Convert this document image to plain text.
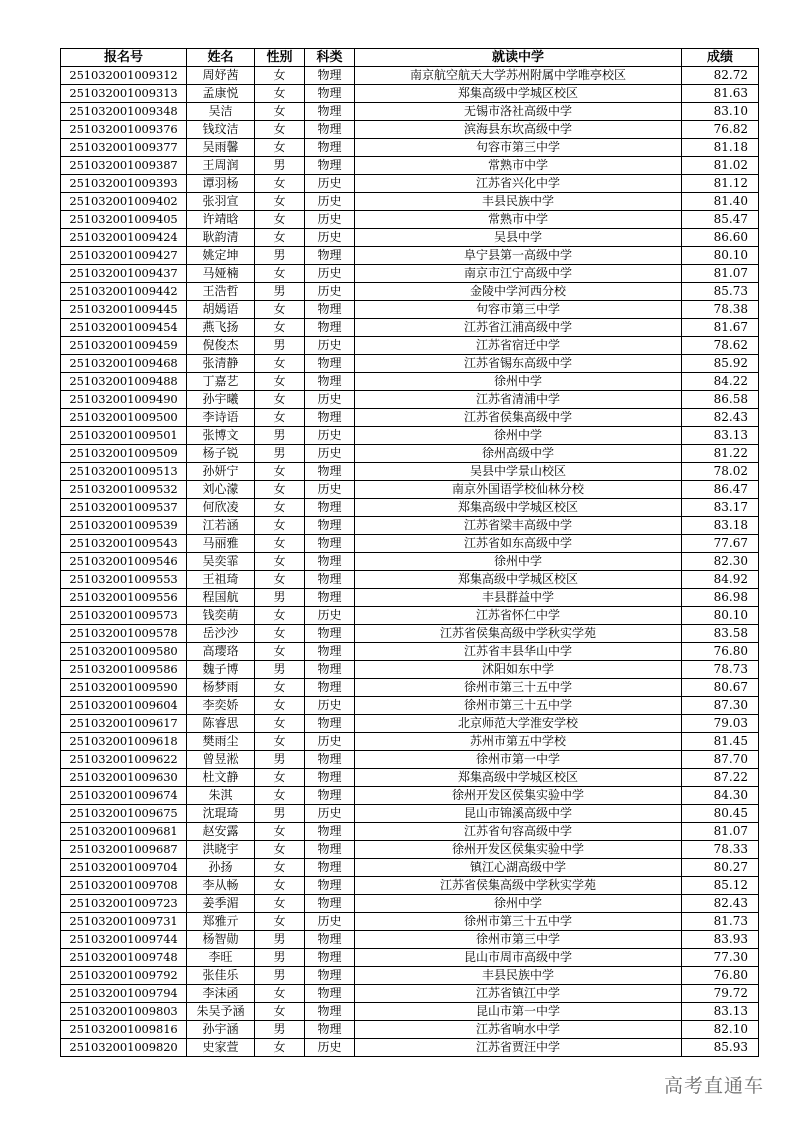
报名号	姓名	性别	科类	就读中学	成绩
251032001009312	周妤茜	女	物理	南京航空航天大学苏州附属中学唯亭校区	82.72
251032001009313	孟康悦	女	物理	郑集高级中学城区校区	81.63
251032001009348	吴洁	女	物理	无锡市洛社高级中学	83.10
251032001009376	钱玟洁	女	物理	滨海县东坎高级中学	76.82
251032001009377	吴雨馨	女	物理	句容市第三中学	81.18
251032001009387	王周润	男	物理	常熟市中学	81.02
251032001009393	谭羽杨	女	历史	江苏省兴化中学	81.12
251032001009402	张羽宣	女	历史	丰县民族中学	81.40
251032001009405	许靖晗	女	历史	常熟市中学	85.47
251032001009424	耿韵清	女	历史	吴县中学	86.60
251032001009427	姚定坤	男	物理	阜宁县第一高级中学	80.10
251032001009437	马娅楠	女	历史	南京市江宁高级中学	81.07
251032001009442	王浩哲	男	历史	金陵中学河西分校	85.73
251032001009445	胡嫣语	女	物理	句容市第三中学	78.38
251032001009454	燕飞扬	女	物理	江苏省江浦高级中学	81.67
251032001009459	倪俊杰	男	历史	江苏省宿迁中学	78.62
251032001009468	张清静	女	物理	江苏省锡东高级中学	85.92
251032001009488	丁嘉艺	女	物理	徐州中学	84.22
251032001009490	孙宇曦	女	历史	江苏省清浦中学	86.58
251032001009500	李诗语	女	物理	江苏省侯集高级中学	82.43
251032001009501	张博文	男	历史	徐州中学	83.13
251032001009509	杨子锐	男	历史	徐州高级中学	81.22
251032001009513	孙妍宁	女	物理	吴县中学景山校区	78.02
251032001009532	刘心濛	女	历史	南京外国语学校仙林分校	86.47
251032001009537	何欣凌	女	物理	郑集高级中学城区校区	83.17
251032001009539	江若涵	女	物理	江苏省梁丰高级中学	83.18
251032001009543	马丽雅	女	物理	江苏省如东高级中学	77.67
251032001009546	吴奕霏	女	物理	徐州中学	82.30
251032001009553	王祖琦	女	物理	郑集高级中学城区校区	84.92
251032001009556	程国航	男	物理	丰县群益中学	86.98
251032001009573	钱奕萌	女	历史	江苏省怀仁中学	80.10
251032001009578	岳沙沙	女	物理	江苏省侯集高级中学秋实学苑	83.58
251032001009580	高璎珞	女	物理	江苏省丰县华山中学	76.80
251032001009586	魏子博	男	物理	沭阳如东中学	78.73
251032001009590	杨梦雨	女	物理	徐州市第三十五中学	80.67
251032001009604	李奕娇	女	历史	徐州市第三十五中学	87.30
251032001009617	陈睿思	女	物理	北京师范大学淮安学校	79.03
251032001009618	樊雨尘	女	历史	苏州市第五中学校	81.45
251032001009622	曾昱淞	男	物理	徐州市第一中学	87.70
251032001009630	杜文静	女	物理	郑集高级中学城区校区	87.22
251032001009674	朱淇	女	物理	徐州开发区侯集实验中学	84.30
251032001009675	沈琨琦	男	历史	昆山市锦溪高级中学	80.45
251032001009681	赵安露	女	物理	江苏省句容高级中学	81.07
251032001009687	洪晓宇	女	物理	徐州开发区侯集实验中学	78.33
251032001009704	孙扬	女	物理	镇江心湖高级中学	80.27
251032001009708	李从畅	女	物理	江苏省侯集高级中学秋实学苑	85.12
251032001009723	姜季湄	女	物理	徐州中学	82.43
251032001009731	郑雅亓	女	历史	徐州市第三十五中学	81.73
251032001009744	杨智勋	男	物理	徐州市第三中学	83.93
251032001009748	李旺	男	物理	昆山市周市高级中学	77.30
251032001009792	张佳乐	男	物理	丰县民族中学	76.80
251032001009794	李沫函	女	物理	江苏省镇江中学	79.72
251032001009803	朱吴予涵	女	物理	昆山市第一中学	83.13
251032001009816	孙宇涵	男	物理	江苏省响水中学	82.10
251032001009820	史家萱	女	历史	江苏省贾汪中学	85.93
高考直通车
